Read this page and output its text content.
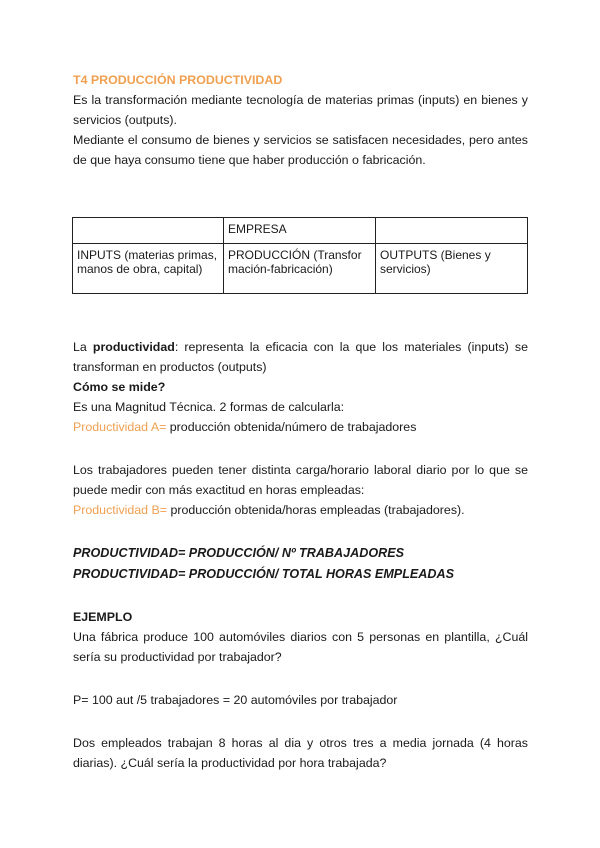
T4 PRODUCCIÓN PRODUCTIVIDAD

Es la transformación mediante tecnología de materias primas (inputs) en bienes y servicios (outputs).

Mediante el consumo de bienes y servicios se satisfacen necesidades, pero antes de que haya consumo tiene que haber producción o fabricación.

	EMPRESA	
INPUTS (materias primas, manos de obra, capital)	PRODUCCIÓN (Transformación-fabricación)	OUTPUTS (Bienes y servicios)

La productividad: representa la eficacia con la que los materiales (inputs) se transforman en productos (outputs)

Cómo se mide?

Es una Magnitud Técnica. 2 formas de calcularla:

Productividad A= producción obtenida/número de trabajadores

Los trabajadores pueden tener distinta carga/horario laboral diario por lo que se puede medir con más exactitud en horas empleadas:

Productividad B= producción obtenida/horas empleadas (trabajadores).

PRODUCTIVIDAD= PRODUCCIÓN/ Nº TRABAJADORES
PRODUCTIVIDAD= PRODUCCIÓN/ TOTAL HORAS EMPLEADAS

EJEMPLO

Una fábrica produce 100 automóviles diarios con 5 personas en plantilla, ¿Cuál sería su productividad por trabajador?

P= 100 aut /5 trabajadores = 20 automóviles por trabajador

Dos empleados trabajan 8 horas al dia y otros tres a media jornada (4 horas diarias). ¿Cuál sería la productividad por hora trabajada?
